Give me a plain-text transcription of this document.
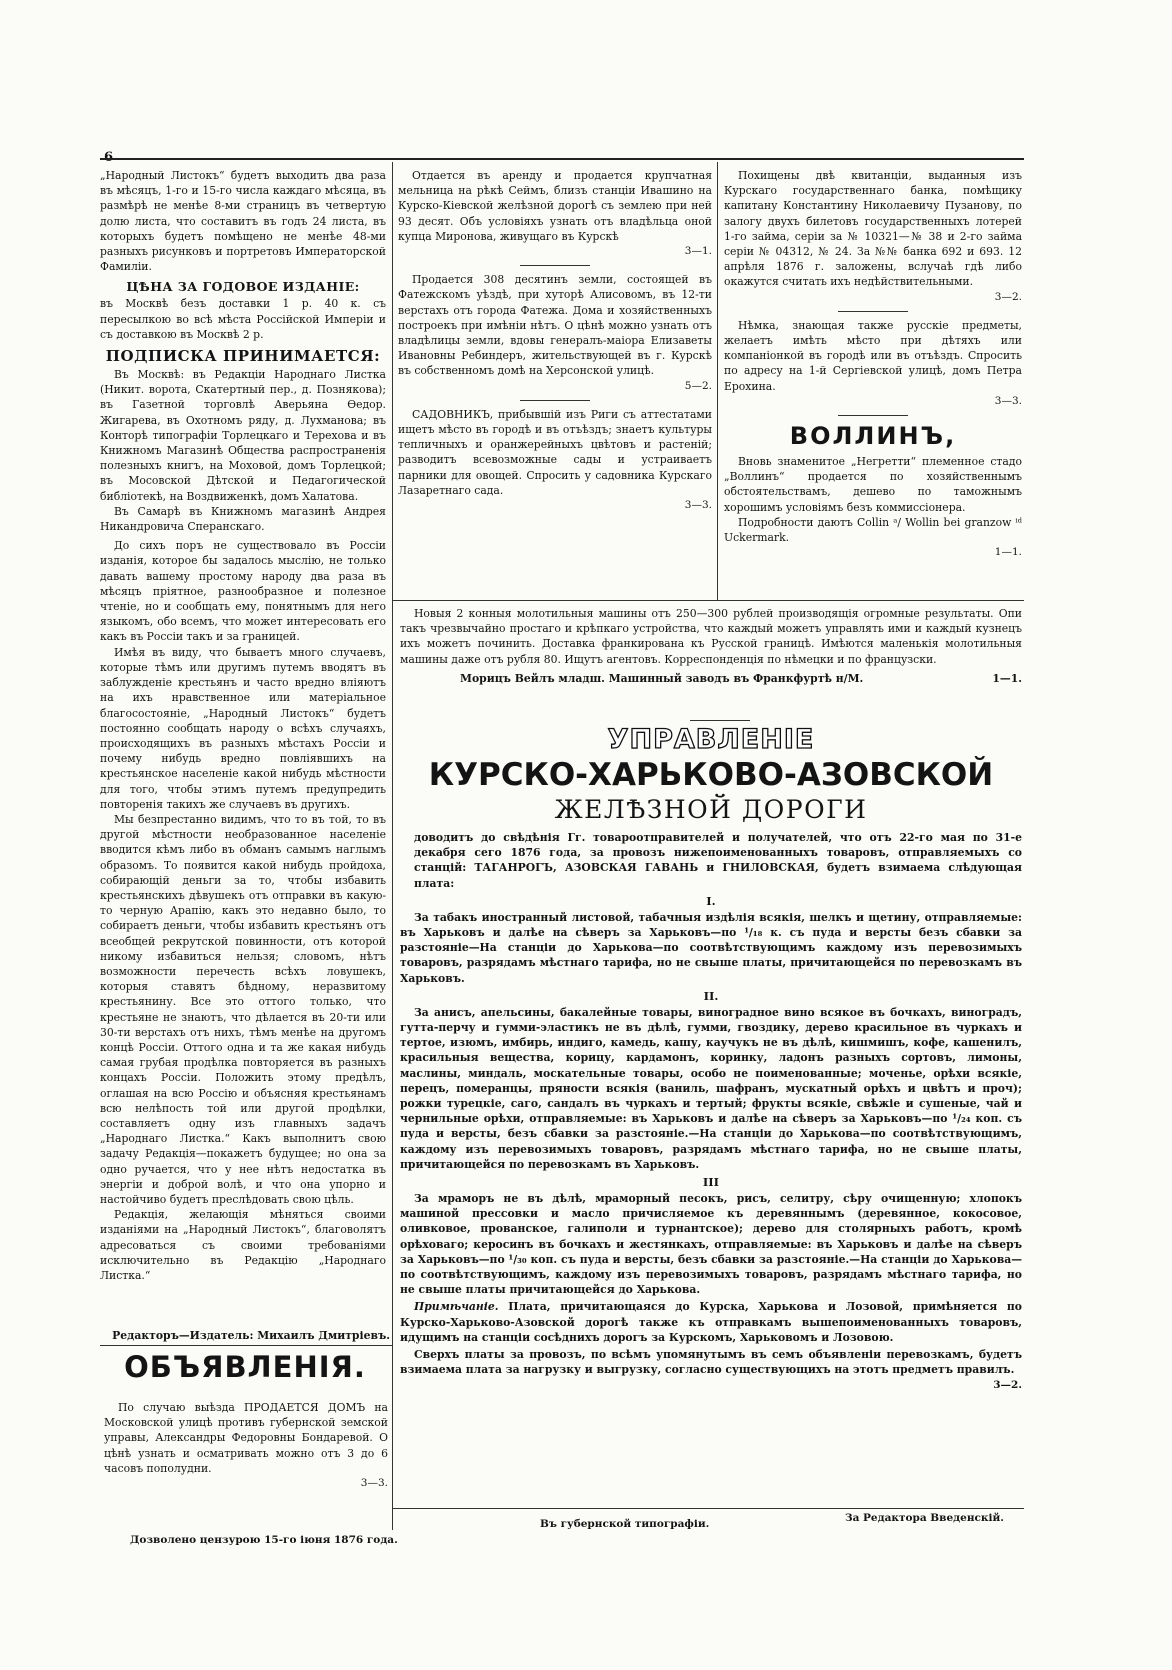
6

„Народный Листокъ“ будетъ выходить два раза въ мѣсяцъ, 1-го и 15-го числа каждаго мѣсяца, въ размѣрѣ не менѣе 8-ми страницъ въ четвертую долю листа, что составитъ въ годъ 24 листа, въ которыхъ будетъ помѣщено не менѣе 48-ми разныхъ рисунковъ и портретовъ Императорской Фамиліи.

ЦѢНА ЗА ГОДОВОЕ ИЗДАНІЕ:

въ Москвѣ безъ доставки 1 р. 40 к. съ пересылкою во всѣ мѣста Россійской Имперіи и съ доставкою въ Москвѣ 2 р.

ПОДПИСКА ПРИНИМАЕТСЯ:

Въ Москвѣ: въ Редакціи Народнаго Листка (Никит. ворота, Скатертный пер., д. Познякова); въ Газетной торговлѣ Аверьяна Ѳедор. Жигарева, въ Охотномъ ряду, д. Лухманова; въ Конторѣ типографіи Торлецкаго и Терехова и въ Книжномъ Магазинѣ Общества распространенія полезныхъ книгъ, на Моховой, домъ Торлецкой; въ Мосовской Дѣтской и Педагогической библіотекѣ, на Воздвиженкѣ, домъ Халатова.

Въ Самарѣ въ Книжномъ магазинѣ Андрея Никандровича Сперанскаго.

До сихъ поръ не существовало въ Россіи изданія, которое бы задалось мыслію, не только давать вашему простому народу два раза въ мѣсяцъ пріятное, разнообразное и полезное чтеніе, но и сообщать ему, понятнымъ для него языкомъ, обо всемъ, что может интересовать его какъ въ Россіи такъ и за границей.

Имѣя въ виду, что бываетъ много случаевъ, которые тѣмъ или другимъ путемъ вводятъ въ заблужденіе крестьянъ и часто вредно вліяютъ на ихъ нравственное или матеріальное благосостояніе, „Народный Листокъ“ будетъ постоянно сообщать народу о всѣхъ случаяхъ, происходящихъ въ разныхъ мѣстахъ Россіи и почему нибудь вредно повліявшихъ на крестьянское населеніе какой нибудь мѣстности для того, чтобы этимъ путемъ предупредить повторенія такихъ же случаевъ въ другихъ.

Мы безпрестанно видимъ, что то въ той, то въ другой мѣстности необразованное населеніе вводится кѣмъ либо въ обманъ самымъ наглымъ образомъ. То появится какой нибудь пройдоха, собирающій деньги за то, чтобы избавить крестьянскихъ дѣвушекъ отъ отправки въ какую-то черную Арапію, какъ это недавно было, то собираетъ деньги, чтобы избавить крестьянъ отъ всеобщей рекрутской повинности, отъ которой никому избавиться нельзя; словомъ, нѣтъ возможности перечесть всѣхъ ловушекъ, которыя ставятъ бѣдному, неразвитому крестьянину. Все это оттого только, что крестьяне не знаютъ, что дѣлается въ 20-ти или 30-ти верстахъ отъ нихъ, тѣмъ менѣе на другомъ концѣ Россіи. Оттого одна и та же какая нибудь самая грубая продѣлка повторяется въ разныхъ концахъ Россіи. Положить этому предѣлъ, оглашая на всю Россію и объясняя крестьянамъ всю нелѣпость той или другой продѣлки, составляетъ одну изъ главныхъ задачъ „Народнаго Листка.“ Какъ выполнитъ свою задачу Редакція—покажетъ будущее; но она за одно ручается, что у нее нѣтъ недостатка въ энергіи и доброй волѣ, и что она упорно и настойчиво будетъ преслѣдовать свою цѣль.

Редакція, желающія мѣняться своими изданіями на „Народный Листокъ“, благоволятъ адресоваться съ своими требованіями исключительно въ Редакцію „Народнаго Листка.“

Редакторъ—Издатель: Михаилъ Дмитріевъ.
ОБЪЯВЛЕНІЯ.

По случаю выѣзда ПРОДАЕТСЯ ДОМЪ на Московской улицѣ противъ губернской земской управы, Александры Федоровны Бондаревой. О цѣнѣ узнать и осматривать можно отъ 3 до 6 часовъ пополудни.

3—3.

Отдается въ аренду и продается крупчатная мельница на рѣкѣ Сеймъ, близъ станціи Ивашино на Курско-Кіевской желѣзной дорогѣ съ землею при ней 93 десят. Объ условіяхъ узнать отъ владѣльца оной купца Миронова, живущаго въ Курскѣ

3—1.

Продается 308 десятинъ земли, состоящей въ Фатежскомъ уѣздѣ, при хуторѣ Алисовомъ, въ 12-ти верстахъ отъ города Фатежа. Дома и хозяйственныхъ построекъ при имѣніи нѣтъ. О цѣнѣ можно узнать отъ владѣлицы земли, вдовы генералъ-маіора Елизаветы Ивановны Ребиндеръ, жительствующей въ г. Курскѣ въ собственномъ домѣ на Херсонской улицѣ.

5—2.

САДОВНИКЪ, прибывшій изъ Риги съ аттестатами ищетъ мѣсто въ городѣ и въ отъѣздъ; знаетъ культуры тепличныхъ и оранжерейныхъ цвѣтовъ и растеній; разводитъ всевозможные сады и устраиваетъ парники для овощей. Спросить у садовника Курскаго Лазаретнаго сада.

3—3.

Похищены двѣ квитанціи, выданныя изъ Курскаго государственнаго банка, помѣщику капитану Константину Николаевичу Пузанову, по залогу двухъ билетовъ государственныхъ лотерей 1-го займа, серіи за № 10321—№ 38 и 2-го займа серіи № 04312, № 24. За №№ банка 692 и 693. 12 апрѣля 1876 г. заложены, вслучаѣ гдѣ либо окажутся считать ихъ недѣйствительными.

3—2.

Нѣмка, знающая также русскіе предметы, желаетъ имѣть мѣсто при дѣтяхъ или компаніонкой въ городѣ или въ отъѣздъ. Спросить по адресу на 1-й Сергіевской улицѣ, домъ Петра Ерохина.

3—3.
ВОЛЛИНЪ,

Вновь знаменитое „Негретти“ племенное стадо „Воллинъ“ продается по хозяйственнымъ обстоятельствамъ, дешево по таможнымъ хорошимъ условіямъ безъ коммиссіонера.

Подробности даютъ Collin ᵃ/ Wollin bei granzow ⁱᵈ Uckermark.

1—1.

Новыя 2 конныя молотильныя машины отъ 250—300 рублей производящія огромные результаты. Опи такъ чрезвычайно простаго и крѣпкаго устройства, что каждый можетъ управлять ими и каждый кузнецъ ихъ можетъ починить. Доставка франкирована къ Русской границѣ. Имѣются маленькія молотильныя машины даже отъ рубля 80. Ищутъ агентовъ. Корреспонденція по нѣмецки и по французски.

Морицъ Вейлъ младш. Машинный заводъ въ Франкфуртѣ н/М.	1—1.
УПРАВЛЕНІЕ
КУРСКО-ХАРЬКОВО-АЗОВСКОЙ
ЖЕЛѢЗНОЙ ДОРОГИ

доводитъ до свѣдѣнія Гг. товароотправителей и получателей, что отъ 22-го мая по 31-е декабря сего 1876 года, за провозъ нижепоименованныхъ товаровъ, отправляемыхъ со станцій: ТАГАНРОГЪ, АЗОВСКАЯ ГАВАНЬ и ГНИЛОВСКАЯ, будетъ взимаема слѣдующая плата:

I.

За табакъ иностранный листовой, табачныя издѣлія всякія, шелкъ и щетину, отправляемые: въ Харьковъ и далѣе на сѣверъ за Харьковъ—по ¹/₁₈ к. съ пуда и версты безъ сбавки за разстояніе—На станціи до Харькова—по соотвѣтствующимъ каждому изъ перевозимыхъ товаровъ, разрядамъ мѣстнаго тарифа, но не свыше платы, причитающейся по перевозкамъ въ Харьковъ.

II.

За анисъ, апельсины, бакалейные товары, виноградное вино всякое въ бочкахъ, виноградъ, гутта-перчу и гумми-эластикъ не въ дѣлѣ, гумми, гвоздику, дерево красильное въ чуркахъ и тертое, изюмъ, имбирь, индиго, камедь, кашу, каучукъ не въ дѣлѣ, кишмишъ, кофе, кашенилъ, красильныя вещества, корицу, кардамонъ, коринку, ладонъ разныхъ сортовъ, лимоны, маслины, миндаль, москательные товары, особо не поименованные; моченье, орѣхи всякіе, перецъ, померанцы, пряности всякія (ваниль, шафранъ, мускатный орѣхъ и цвѣтъ и проч); рожки турецкіе, саго, сандалъ въ чуркахъ и тертый; фрукты всякіе, свѣжіе и сушеные, чай и чернильные орѣхи, отправляемые: въ Харьковъ и далѣе на сѣверъ за Харьковъ—по ¹/₂₄ коп. съ пуда и версты, безъ сбавки за разстояніе.—На станціи до Харькова—по соотвѣтствующимъ, каждому изъ перевозимыхъ товаровъ, разрядамъ мѣстнаго тарифа, но не свыше платы, причитающейся по перевозкамъ въ Харьковъ.

III

За мраморъ не въ дѣлѣ, мраморный песокъ, рисъ, селитру, сѣру очищенную; хлопокъ машиной прессовки и масло причисляемое къ деревяннымъ (деревянное, кокосовое, оливковое, прованское, галиполи и турнантское); дерево для столярныхъ работъ, кромѣ орѣховаго; керосинъ въ бочкахъ и жестянкахъ, отправляемые: въ Харьковъ и далѣе на сѣверъ за Харьковъ—по ¹/₃₀ коп. съ пуда и версты, безъ сбавки за разстояніе.—На станціи до Харькова—по соотвѣтствующимъ, каждому изъ перевозимыхъ товаровъ, разрядамъ мѣстнаго тарифа, но не свыше платы причитающейся до Харькова.

Примѣчаніе. Плата, причитающаяся до Курска, Харькова и Лозовой, примѣняется по Курско-Харьково-Азовской дорогѣ также къ отправкамъ вышепоименованныхъ товаровъ, идущимъ на станціи сосѣднихъ дорогъ за Курскомъ, Харьковомъ и Лозовою.

Сверхъ платы за провозъ, по всѣмъ упомянутымъ въ семъ объявленіи перевозкамъ, будетъ взимаема плата за нагрузку и выгрузку, согласно существующихъ на этотъ предметъ правилъ.

3—2.
Дозволено цензурою 15-го іюня 1876 года.
Въ губернской типографіи.	За Редактора Введенскій.
